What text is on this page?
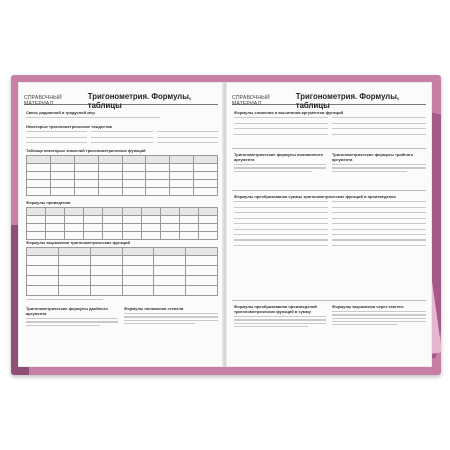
СПРАВОЧНЫЙ МАТЕРИАЛ
Тригонометрия. Формулы, таблицы
Связь радианной и градусной мер
Некоторые тригонометрические тождества
Таблица некоторых значений тригонометрических функций
Формулы приведения
Формулы выражения тригонометрических функций
Тригонометрические формулы двойного аргумента
Формулы понижения степени
СПРАВОЧНЫЙ МАТЕРИАЛ
Тригонометрия. Формулы, таблицы
Формулы сложения и вычитания аргументов функций
Тригонометрические формулы половинного аргумента
Тригонометрические формулы тройного аргумента
Формулы преобразования суммы тригонометрических функций в произведение
Формулы преобразования произведений тригонометрических функций в сумму
Формулы выражения через тангенс
